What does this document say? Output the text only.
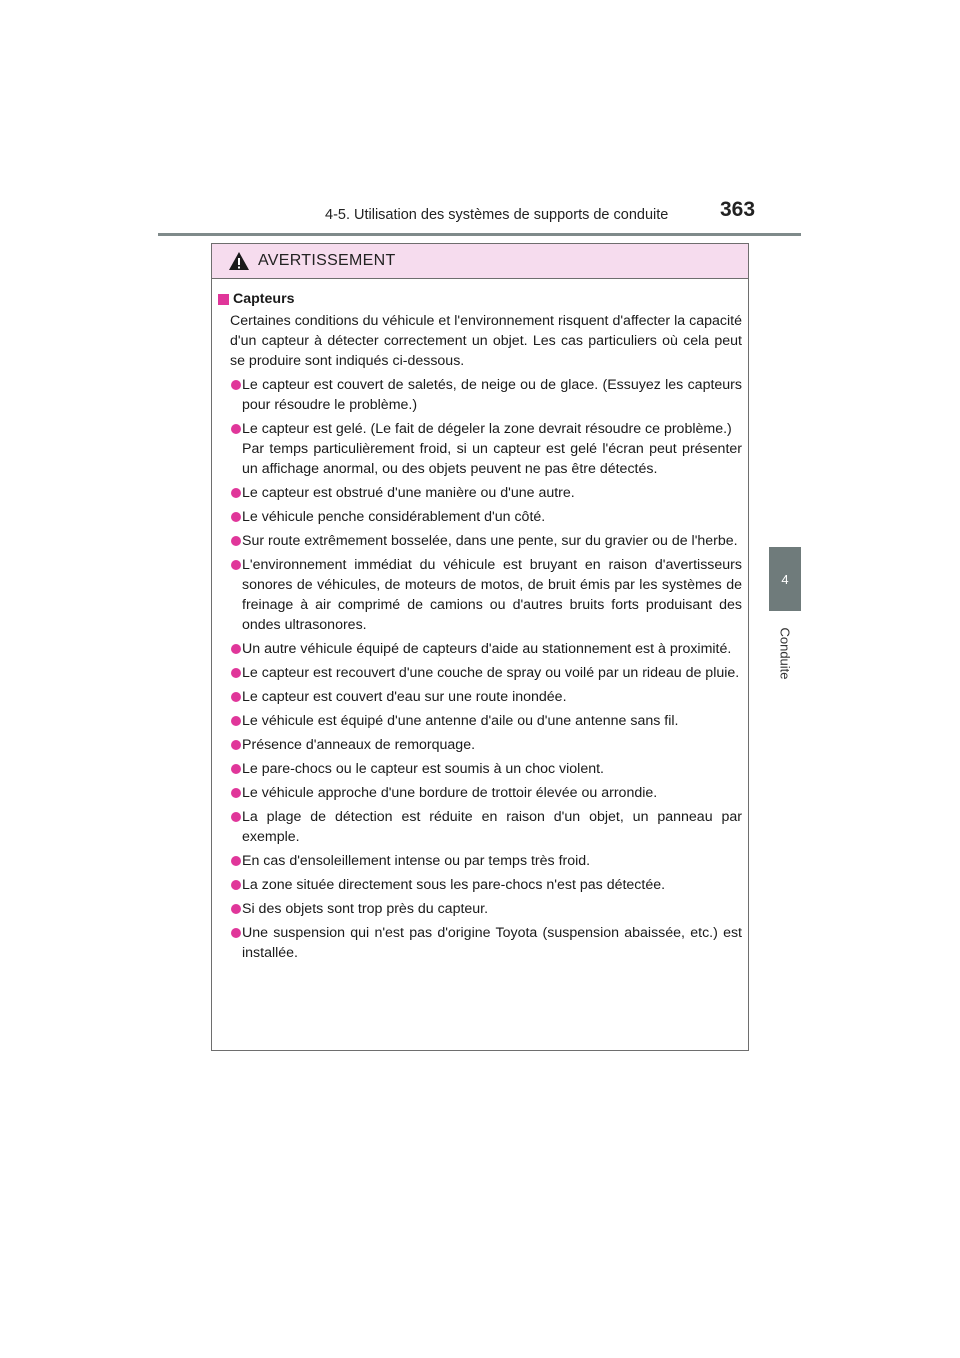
4-5. Utilisation des systèmes de supports de conduite 363
4
Conduite
AVERTISSEMENT
Capteurs
Certaines conditions du véhicule et l'environnement risquent d'affecter la capacité d'un capteur à détecter correctement un objet. Les cas particuliers où cela peut se produire sont indiqués ci-dessous.
Le capteur est couvert de saletés, de neige ou de glace. (Essuyez les capteurs pour résoudre le problème.)
Le capteur est gelé. (Le fait de dégeler la zone devrait résoudre ce problème.)
Par temps particulièrement froid, si un capteur est gelé l'écran peut présenter un affichage anormal, ou des objets peuvent ne pas être détectés.
Le capteur est obstrué d'une manière ou d'une autre.
Le véhicule penche considérablement d'un côté.
Sur route extrêmement bosselée, dans une pente, sur du gravier ou de l'herbe.
L'environnement immédiat du véhicule est bruyant en raison d'avertisseurs sonores de véhicules, de moteurs de motos, de bruit émis par les systèmes de freinage à air comprimé de camions ou d'autres bruits forts produisant des ondes ultrasonores.
Un autre véhicule équipé de capteurs d'aide au stationnement est à proximité.
Le capteur est recouvert d'une couche de spray ou voilé par un rideau de pluie.
Le capteur est couvert d'eau sur une route inondée.
Le véhicule est équipé d'une antenne d'aile ou d'une antenne sans fil.
Présence d'anneaux de remorquage.
Le pare-chocs ou le capteur est soumis à un choc violent.
Le véhicule approche d'une bordure de trottoir élevée ou arrondie.
La plage de détection est réduite en raison d'un objet, un panneau par exemple.
En cas d'ensoleillement intense ou par temps très froid.
La zone située directement sous les pare-chocs n'est pas détectée.
Si des objets sont trop près du capteur.
Une suspension qui n'est pas d'origine Toyota (suspension abaissée, etc.) est installée.
